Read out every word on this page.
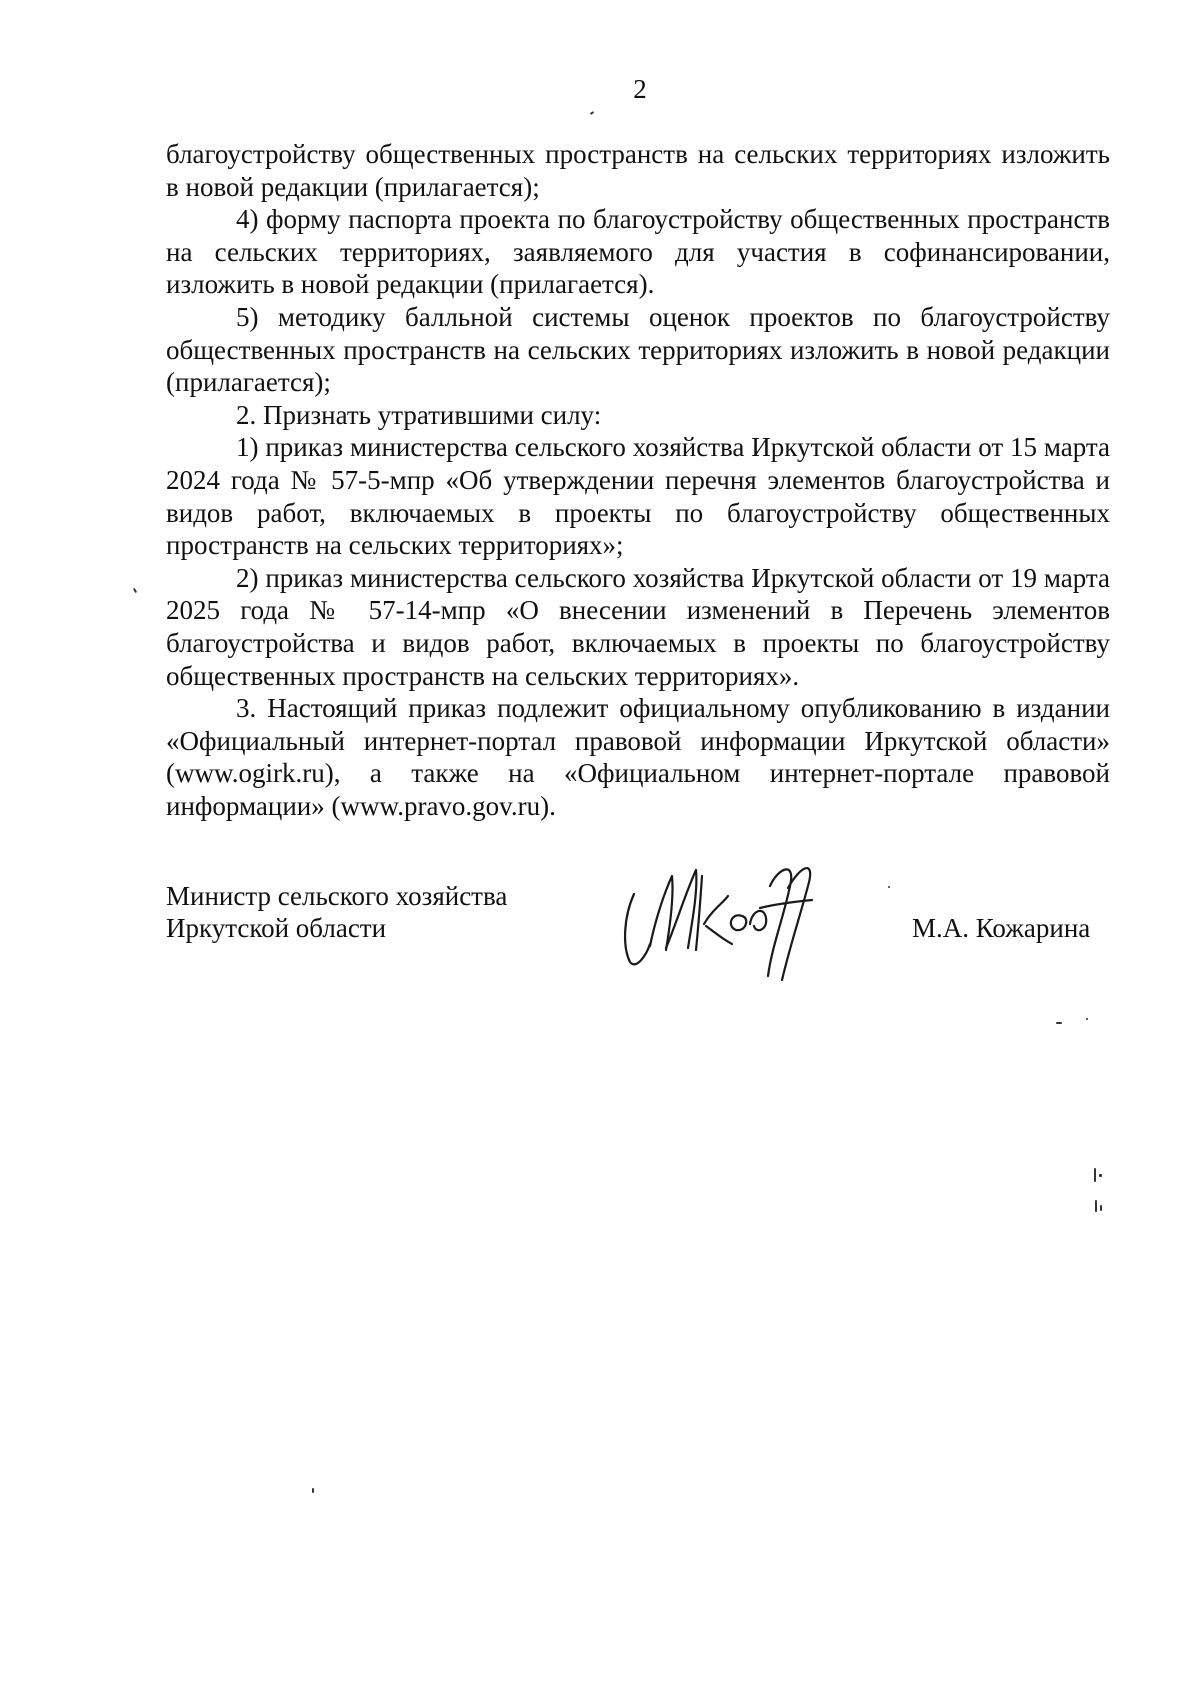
2

благоустройству общественных пространств на сельских территориях изложить в новой редакции (прилагается);

4) форму паспорта проекта по благоустройству общественных пространств на сельских территориях, заявляемого для участия в софинансировании, изложить в новой редакции (прилагается).

5) методику балльной системы оценок проектов по благоустройству общественных пространств на сельских территориях изложить в новой редакции (прилагается);

2. Признать утратившими силу:

1) приказ министерства сельского хозяйства Иркутской области от 15 марта 2024 года № 57-5-мпр «Об утверждении перечня элементов благоустройства и видов работ, включаемых в проекты по благоустройству общественных пространств на сельских территориях»;

2) приказ министерства сельского хозяйства Иркутской области от 19 марта 2025 года № 57-14-мпр «О внесении изменений в Перечень элементов благоустройства и видов работ, включаемых в проекты по благоустройству общественных пространств на сельских территориях».

3. Настоящий приказ подлежит официальному опубликованию в издании «Официальный интернет-портал правовой информации Иркутской области» (www.ogirk.ru), а также на «Официальном интернет-портале правовой информации» (www.pravo.gov.ru).

Министр сельского хозяйства
Иркутской области	М.А. Кожарина
